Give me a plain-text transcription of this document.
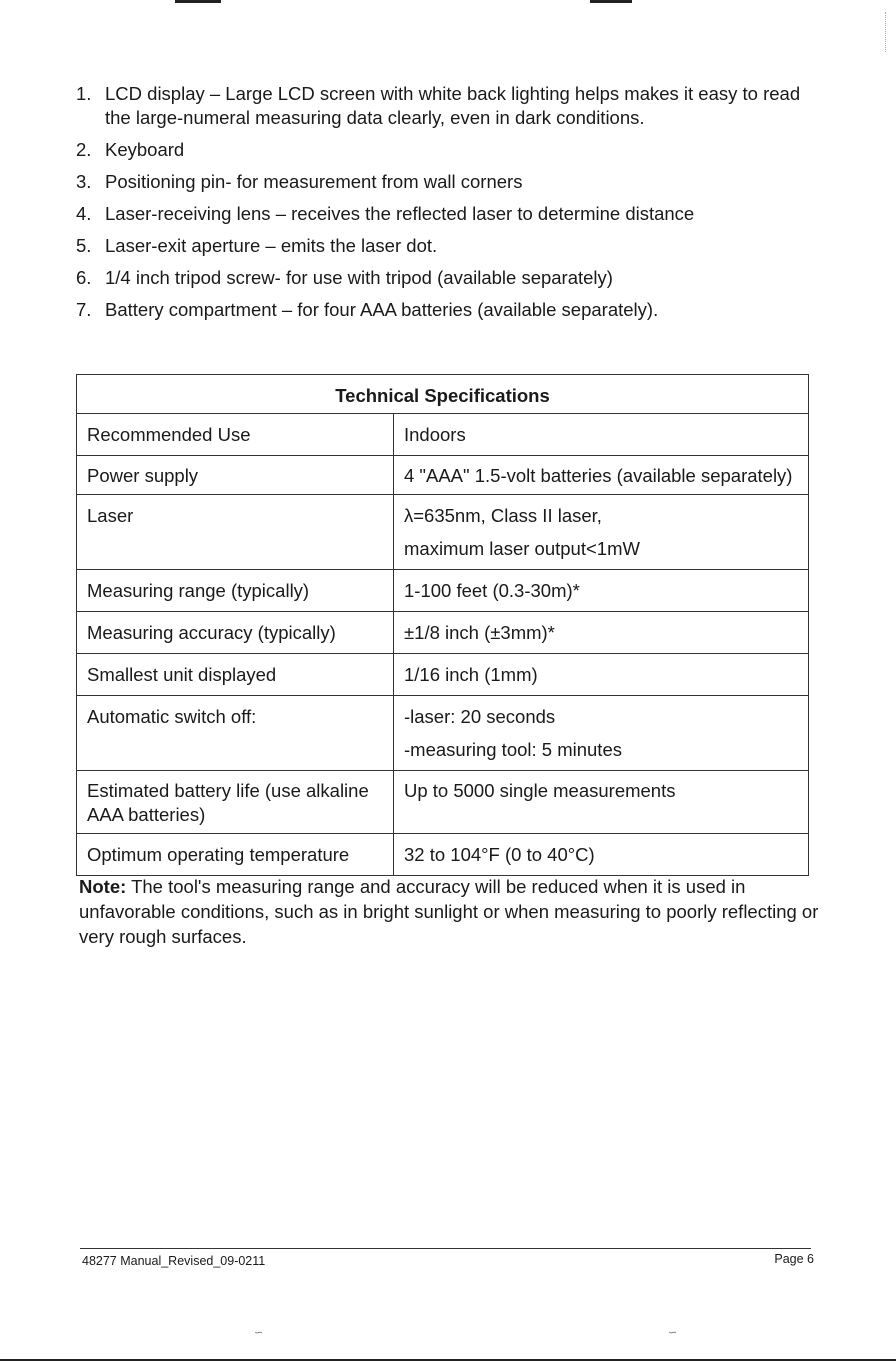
1. LCD display – Large LCD screen with white back lighting helps makes it easy to read the large-numeral measuring data clearly, even in dark conditions.
2. Keyboard
3. Positioning pin- for measurement from wall corners
4. Laser-receiving lens – receives the reflected laser to determine distance
5. Laser-exit aperture – emits the laser dot.
6. 1/4 inch tripod screw- for use with tripod (available separately)
7. Battery compartment – for four AAA batteries (available separately).
Technical Specifications	
Recommended Use	Indoors
Power supply	4 "AAA" 1.5-volt batteries (available separately)
Laser	λ=635nm, Class II laser,
maximum laser output<1mW

Measuring range (typically)	1-100 feet (0.3-30m)*
Measuring accuracy (typically)	±1/8 inch (±3mm)*
Smallest unit displayed	1/16 inch (1mm)
Automatic switch off:	-laser: 20 seconds
-measuring tool: 5 minutes

Estimated battery life (use alkaline AAA batteries)	Up to 5000 single measurements
Optimum operating temperature	32 to 104°F (0 to 40°C)
Note: The tool's measuring range and accuracy will be reduced when it is used in unfavorable conditions, such as in bright sunlight or when measuring to poorly reflecting or very rough surfaces.
48277 Manual_Revised_09-0211	Page 6
∽	∽
